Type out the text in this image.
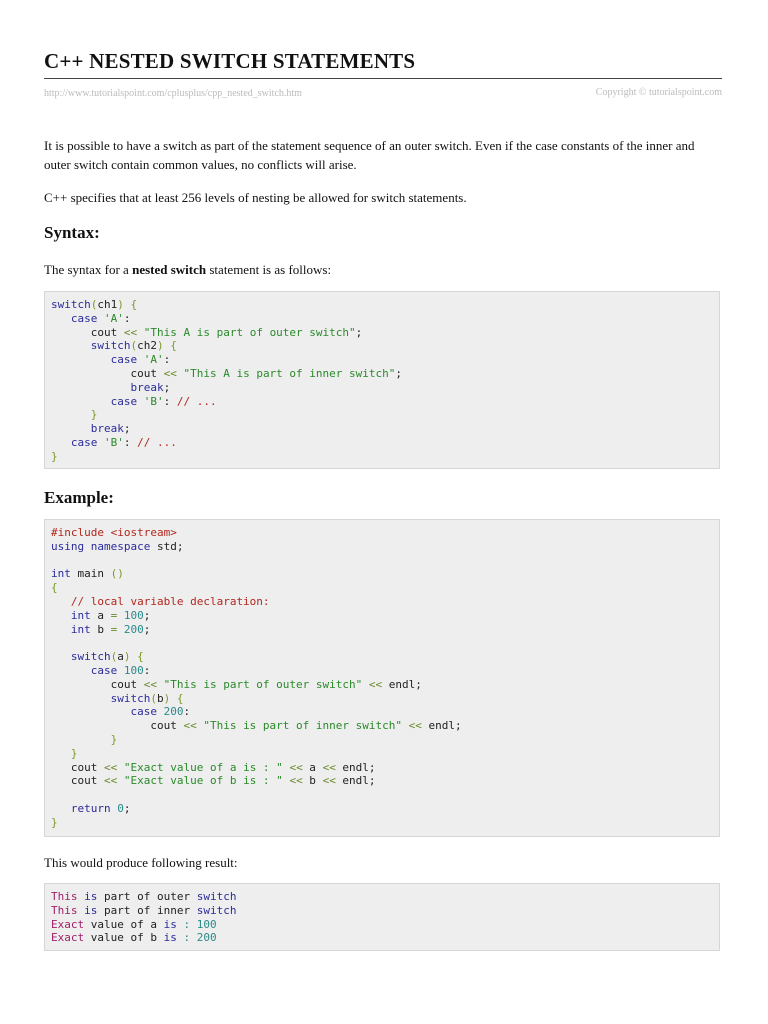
C++ NESTED SWITCH STATEMENTS
http://www.tutorialspoint.com/cplusplus/cpp_nested_switch.htm	Copyright © tutorialspoint.com
It is possible to have a switch as part of the statement sequence of an outer switch. Even if the case constants of the inner and outer switch contain common values, no conflicts will arise.
C++ specifies that at least 256 levels of nesting be allowed for switch statements.
Syntax:
The syntax for a nested switch statement is as follows:
switch(ch1) {
case 'A':
cout << "This A is part of outer switch";
switch(ch2) {
case 'A':
cout << "This A is part of inner switch";
break;
case 'B': // ...
}
break;
case 'B': // ...
}
Example:
#include <iostream>
using namespace std;

int main ()
{
// local variable declaration:
int a = 100;
int b = 200;

switch(a) {
case 100:
cout << "This is part of outer switch" << endl;
switch(b) {
case 200:
cout << "This is part of inner switch" << endl;
}
}
cout << "Exact value of a is : " << a << endl;
cout << "Exact value of b is : " << b << endl;

return 0;
}
This would produce following result:
This is part of outer switch
This is part of inner switch
Exact value of a is : 100
Exact value of b is : 200
